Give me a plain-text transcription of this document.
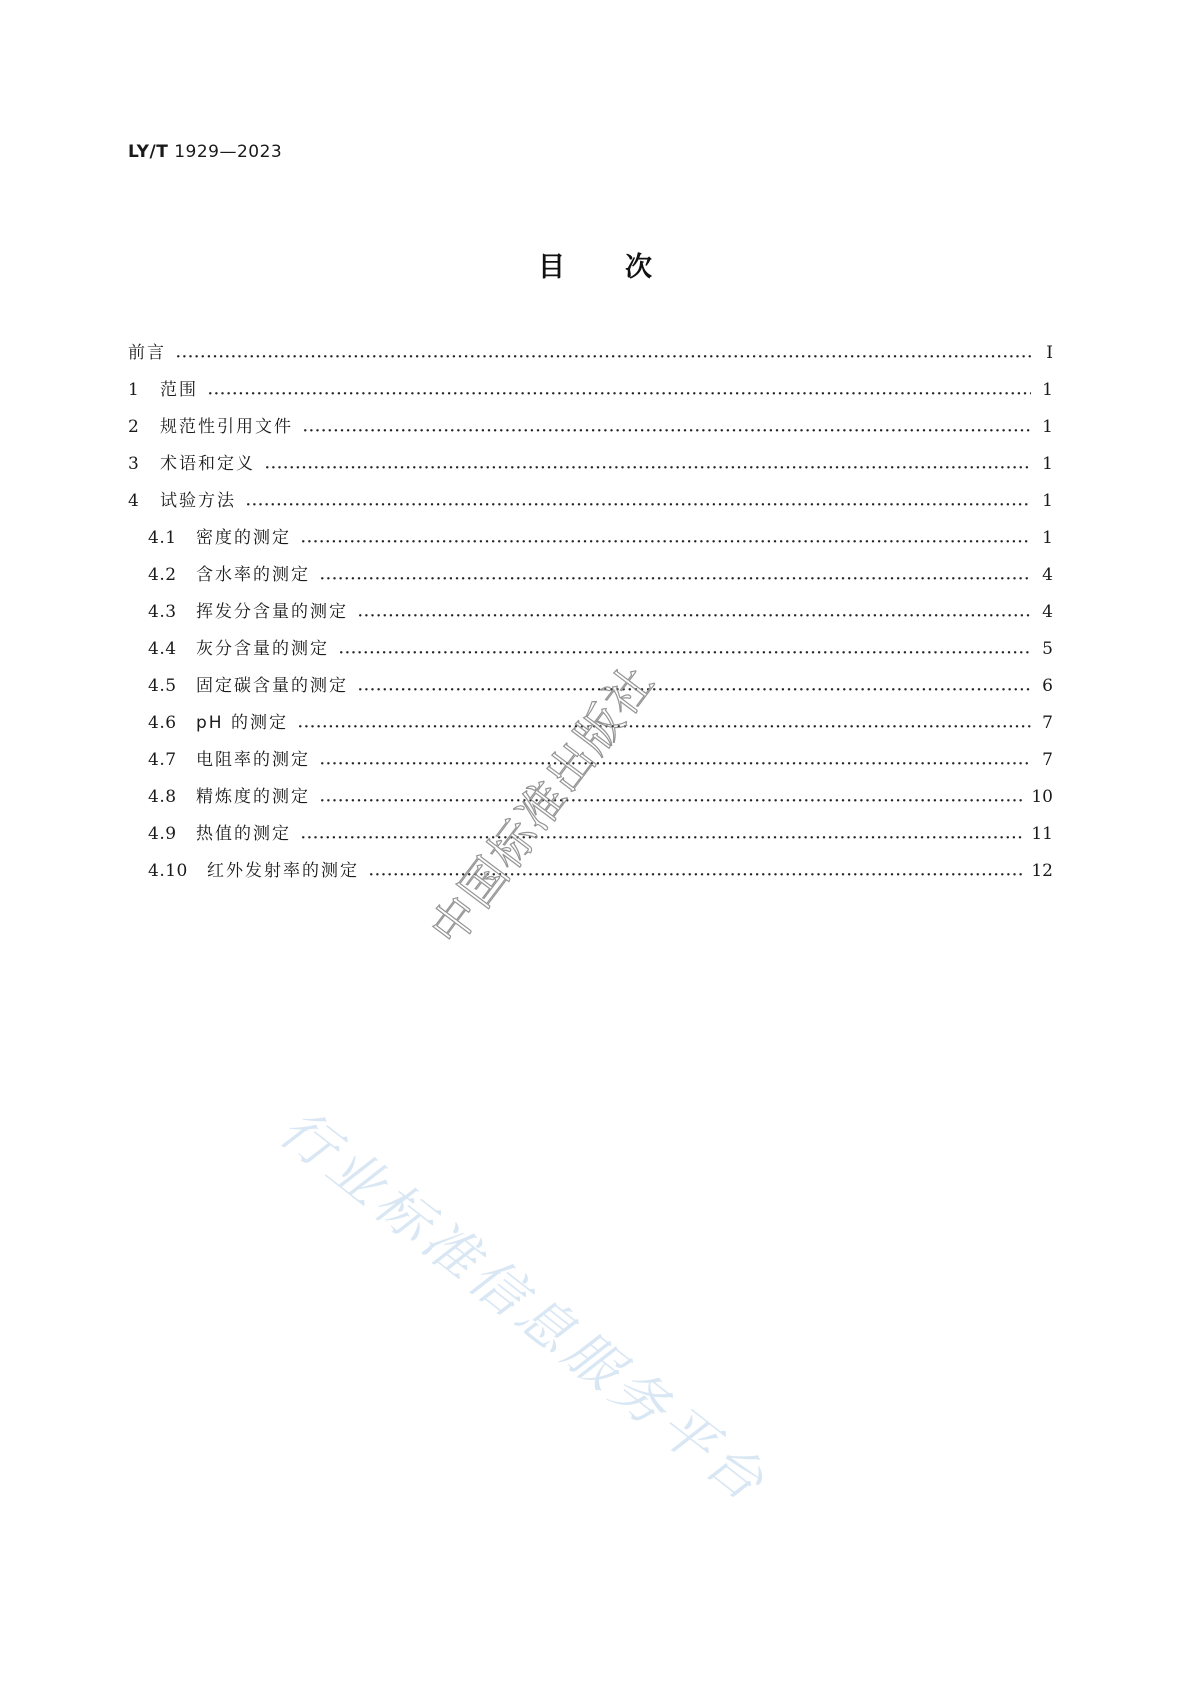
LY/T 1929—2023
目次
前言 ·····	Ⅰ
1	范围 ·····	1
2	规范性引用文件 ·····	1
3	术语和定义 ·····	1
4	试验方法 ·····	1
4.1	密度的测定 ·····	1
4.2	含水率的测定 ·····	4
4.3	挥发分含量的测定 ·····	4
4.4	灰分含量的测定 ·····	5
4.5	固定碳含量的测定 ·····	6
4.6	pH 的测定 ·····	7
4.7	电阻率的测定 ·····	7
4.8	精炼度的测定 ·····	10
4.9	热值的测定 ·····	11
4.10	红外发射率的测定 ·····	12
中国标准出版社
行业标准信息服务平台
